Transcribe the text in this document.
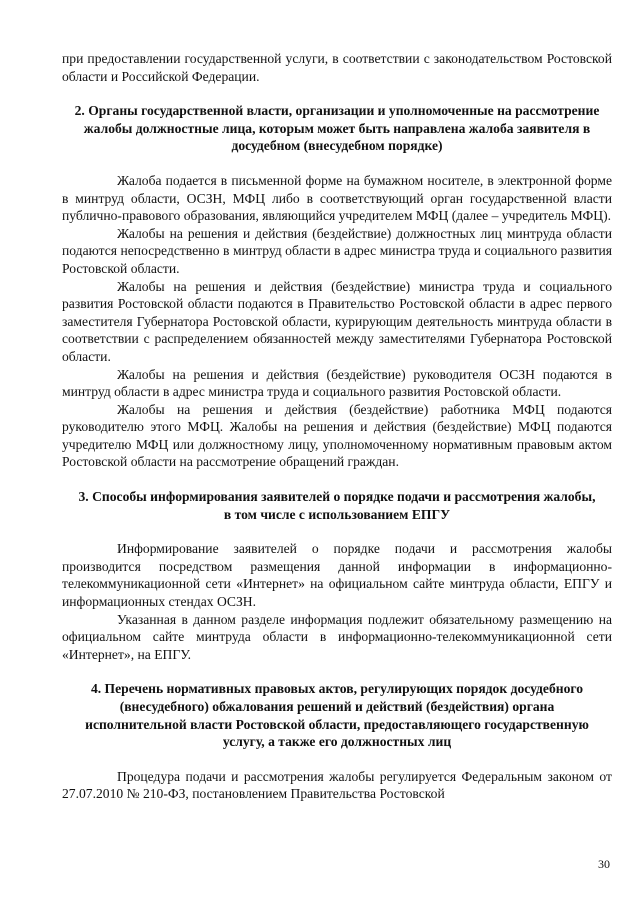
при предоставлении государственной услуги, в соответствии с законодательством Ростовской области и Российской Федерации.

2. Органы государственной власти, организации и уполномоченные на рассмотрение жалобы должностные лица, которым может быть направлена жалоба заявителя в досудебном (внесудебном порядке)

Жалоба подается в письменной форме на бумажном носителе, в электронной форме в минтруд области, ОСЗН, МФЦ либо в соответствующий орган государственной власти публично-правового образования, являющийся учредителем МФЦ (далее – учредитель МФЦ).

Жалобы на решения и действия (бездействие) должностных лиц минтруда области подаются непосредственно в минтруд области в адрес министра труда и социального развития Ростовской области.

Жалобы на решения и действия (бездействие) министра труда и социального развития Ростовской области подаются в Правительство Ростовской области в адрес первого заместителя Губернатора Ростовской области, курирующим деятельность минтруда области в соответствии с распределением обязанностей между заместителями Губернатора Ростовской области.

Жалобы на решения и действия (бездействие) руководителя ОСЗН подаются в минтруд области в адрес министра труда и социального развития Ростовской области.

Жалобы на решения и действия (бездействие) работника МФЦ подаются руководителю этого МФЦ. Жалобы на решения и действия (бездействие) МФЦ подаются учредителю МФЦ или должностному лицу, уполномоченному нормативным правовым актом Ростовской области на рассмотрение обращений граждан.

3. Способы информирования заявителей о порядке подачи и рассмотрения жалобы, в том числе с использованием ЕПГУ

Информирование заявителей о порядке подачи и рассмотрения жалобы производится посредством размещения данной информации в информационно-телекоммуникационной сети «Интернет» на официальном сайте минтруда области, ЕПГУ и информационных стендах ОСЗН.

Указанная в данном разделе информация подлежит обязательному размещению на официальном сайте минтруда области в информационно-телекоммуникационной сети «Интернет», на ЕПГУ.

4. Перечень нормативных правовых актов, регулирующих порядок досудебного (внесудебного) обжалования решений и действий (бездействия) органа исполнительной власти Ростовской области, предоставляющего государственную услугу, а также его должностных лиц

Процедура подачи и рассмотрения жалобы регулируется Федеральным законом от 27.07.2010 № 210-ФЗ, постановлением Правительства Ростовской

30
